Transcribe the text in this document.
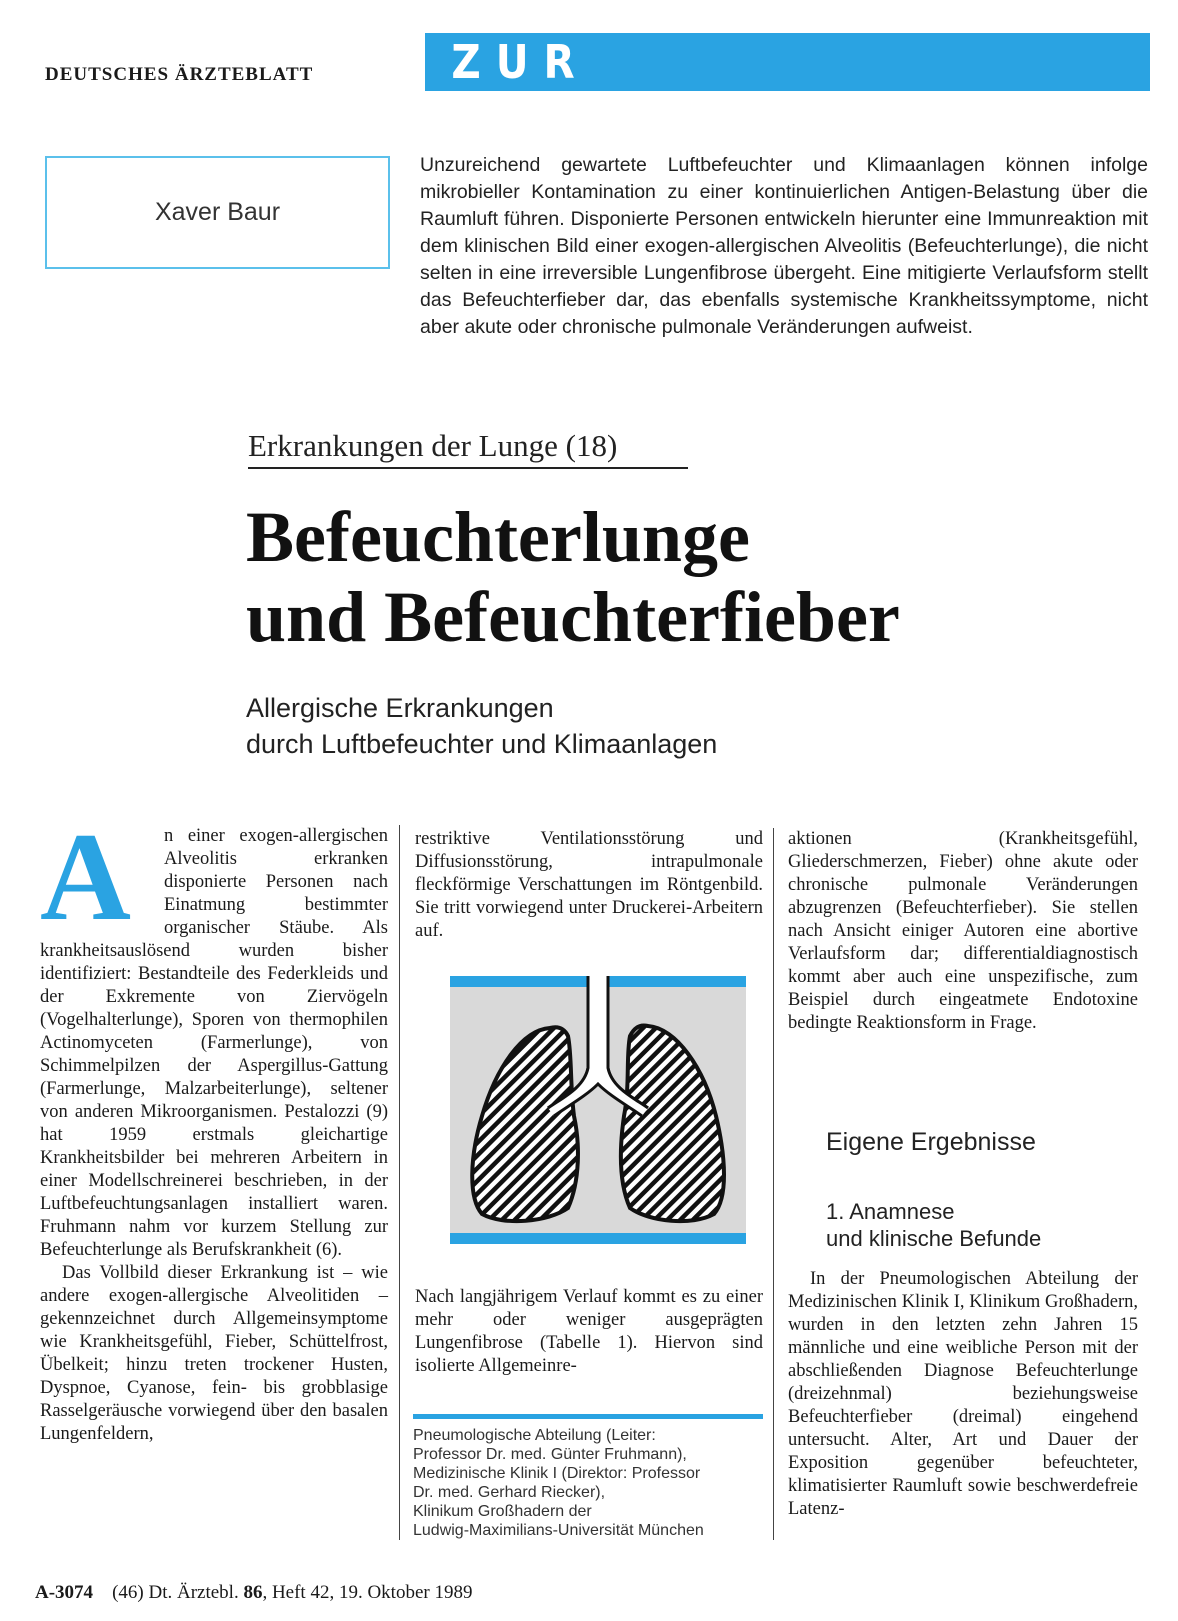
DEUTSCHES ÄRZTEBLATT	ZUR FORTBILDUNG
Xaver Baur
Unzureichend gewartete Luftbefeuchter und Klimaanlagen können infolge mikrobieller Kontamination zu einer kontinuierlichen Antigen-Belastung über die Raumluft führen. Disponierte Personen entwickeln hierunter eine Immunreaktion mit dem klinischen Bild einer exogen-allergischen Alveolitis (Befeuchterlunge), die nicht selten in eine irreversible Lungenfibrose übergeht. Eine mitigierte Verlaufsform stellt das Befeuchterfieber dar, das ebenfalls systemische Krankheitssymptome, nicht aber akute oder chronische pulmonale Veränderungen aufweist.
Erkrankungen der Lunge (18)
Befeuchterlunge
und Befeuchterfieber
Allergische Erkrankungen
durch Luftbefeuchter und Klimaanlagen
A	n einer exogen-allergischen Alveolitis erkranken disponierte Personen nach Einatmung bestimmter organischer Stäube. Als krankheitsauslösend wurden bisher identifiziert: Bestandteile des Federkleids und der Exkremente von Ziervögeln (Vogelhalterlunge), Sporen von thermophilen Actinomyceten (Farmerlunge), von Schimmelpilzen der Aspergillus-Gattung (Farmerlunge, Malzarbeiterlunge), seltener von anderen Mikroorganismen. Pestalozzi (9) hat 1959 erstmals gleichartige Krankheitsbilder bei mehreren Arbeitern in einer Modellschreinerei beschrieben, in der Luftbefeuchtungsanlagen installiert waren. Fruhmann nahm vor kurzem Stellung zur Befeuchterlunge als Berufskrankheit (6).

Das Vollbild dieser Erkrankung ist – wie andere exogen-allergische Alveolitiden – gekennzeichnet durch Allgemeinsymptome wie Krankheitsgefühl, Fieber, Schüttelfrost, Übelkeit; hinzu treten trockener Husten, Dyspnoe, Cyanose, fein- bis grobblasige Rasselgeräusche vorwiegend über den basalen Lungenfeldern,

restriktive Ventilationsstörung und Diffusionsstörung, intrapulmonale fleckförmige Verschattungen im Röntgenbild. Sie tritt vorwiegend unter Druckerei-Arbeitern auf.

Nach langjährigem Verlauf kommt es zu einer mehr oder weniger ausgeprägten Lungenfibrose (Tabelle 1). Hiervon sind isolierte Allgemeinre-

Pneumologische Abteilung (Leiter:
Professor Dr. med. Günter Fruhmann),
Medizinische Klinik I (Direktor: Professor
Dr. med. Gerhard Riecker),
Klinikum Großhadern der
Ludwig-Maximilians-Universität München

aktionen (Krankheitsgefühl, Gliederschmerzen, Fieber) ohne akute oder chronische pulmonale Veränderungen abzugrenzen (Befeuchterfieber). Sie stellen nach Ansicht einiger Autoren eine abortive Verlaufsform dar; differentialdiagnostisch kommt aber auch eine unspezifische, zum Beispiel durch eingeatmete Endotoxine bedingte Reaktionsform in Frage.

Eigene Ergebnisse
1. Anamnese
und klinische Befunde

In der Pneumologischen Abteilung der Medizinischen Klinik I, Klinikum Großhadern, wurden in den letzten zehn Jahren 15 männliche und eine weibliche Person mit der abschließenden Diagnose Befeuchterlunge (dreizehnmal) beziehungsweise Befeuchterfieber (dreimal) eingehend untersucht. Alter, Art und Dauer der Exposition gegenüber befeuchteter, klimatisierter Raumluft sowie beschwerdefreie Latenz-

A-3074 (46) Dt. Ärztebl. 86, Heft 42, 19. Oktober 1989
